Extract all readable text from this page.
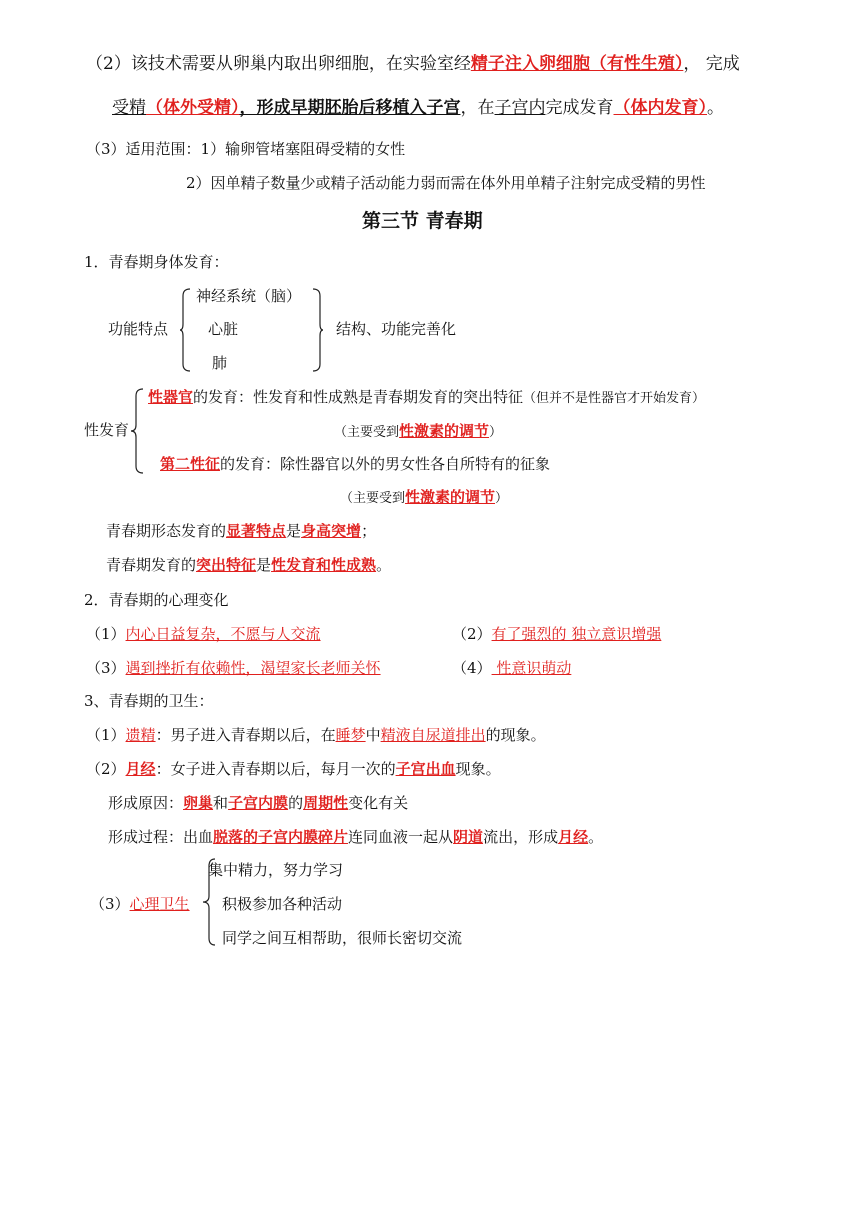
（2）该技术需要从卵巢内取出卵细胞，在实验室经精子注入卵细胞（有性生殖）， 完成
受精（体外受精），形成早期胚胎后移植入子宫，在子宫内完成发育（体内发育）。
（3）适用范围：1）输卵管堵塞阻碍受精的女性
2）因单精子数量少或精子活动能力弱而需在体外用单精子注射完成受精的男性
第三节 青春期
1．青春期身体发育：
功能特点
神经系统（脑）
心脏
肺
结构、功能完善化
性发育
性器官的发育：性发育和性成熟是青春期发育的突出特征（但并不是性器官才开始发育）
（主要受到性激素的调节）
第二性征的发育：除性器官以外的男女性各自所特有的征象
（主要受到性激素的调节）
青春期形态发育的显著特点是身高突增；
青春期发育的突出特征是性发育和性成熟。
2．青春期的心理变化
（1）内心日益复杂，不愿与人交流	（2）有了强烈的 独立意识增强
（3）遇到挫折有依赖性，渴望家长老师关怀	（4） 性意识萌动
3、青春期的卫生：
（1）遗精：男子进入青春期以后，在睡梦中精液自尿道排出的现象。
（2）月经：女子进入青春期以后，每月一次的子宫出血现象。
形成原因：卵巢和子宫内膜的周期性变化有关
形成过程：出血脱落的子宫内膜碎片连同血液一起从阴道流出，形成月经。
（3）心理卫生
集中精力，努力学习
积极参加各种活动
同学之间互相帮助，很师长密切交流
